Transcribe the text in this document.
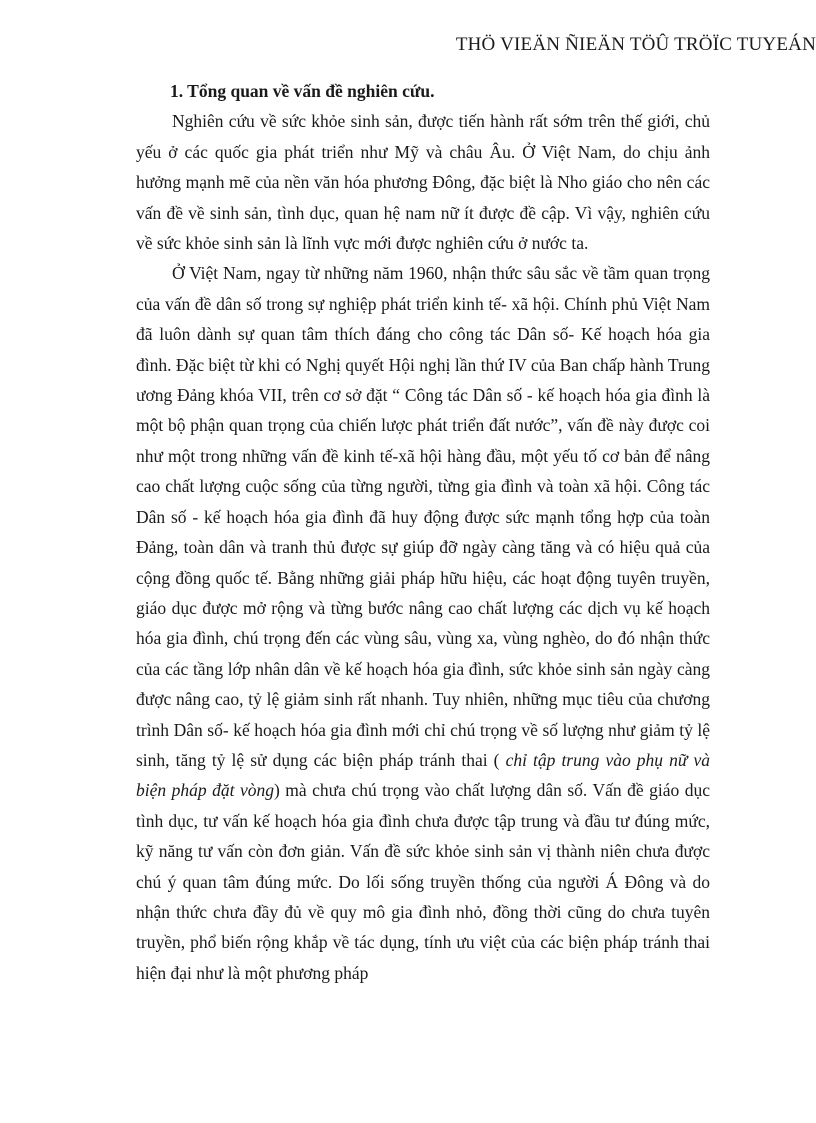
THÖ VIEÄN ÑIEÄN TÖÛ TRÖÏC TUYEÁN
1. Tổng quan về vấn đề nghiên cứu.

Nghiên cứu về sức khỏe sinh sản, được tiến hành rất sớm trên thế giới, chủ yếu ở các quốc gia phát triển như Mỹ và châu Âu. Ở Việt Nam, do chịu ảnh hưởng mạnh mẽ của nền văn hóa phương Đông, đặc biệt là Nho giáo cho nên các vấn đề về sinh sản, tình dục, quan hệ nam nữ ít được đề cập. Vì vậy, nghiên cứu về sức khỏe sinh sản là lĩnh vực mới được nghiên cứu ở nước ta.

Ở Việt Nam, ngay từ những năm 1960, nhận thức sâu sắc về tầm quan trọng của vấn đề dân số trong sự nghiệp phát triển kinh tế- xã hội. Chính phủ Việt Nam đã luôn dành sự quan tâm thích đáng cho công tác Dân số- Kế hoạch hóa gia đình. Đặc biệt từ khi có Nghị quyết Hội nghị lần thứ IV của Ban chấp hành Trung ương Đảng khóa VII, trên cơ sở đặt “ Công tác Dân số - kế hoạch hóa gia đình là một bộ phận quan trọng của chiến lược phát triển đất nước”, vấn đề này được coi như một trong những vấn đề kinh tế-xã hội hàng đầu, một yếu tố cơ bản để nâng cao chất lượng cuộc sống của từng người, từng gia đình và toàn xã hội. Công tác Dân số - kế hoạch hóa gia đình đã huy động được sức mạnh tổng hợp của toàn Đảng, toàn dân và tranh thủ được sự giúp đỡ ngày càng tăng và có hiệu quả của cộng đồng quốc tế. Bằng những giải pháp hữu hiệu, các hoạt động tuyên truyền, giáo dục được mở rộng và từng bước nâng cao chất lượng các dịch vụ kế hoạch hóa gia đình, chú trọng đến các vùng sâu, vùng xa, vùng nghèo, do đó nhận thức của các tầng lớp nhân dân về kế hoạch hóa gia đình, sức khỏe sinh sản ngày càng được nâng cao, tỷ lệ giảm sinh rất nhanh. Tuy nhiên, những mục tiêu của chương trình Dân số- kế hoạch hóa gia đình mới chỉ chú trọng về số lượng như giảm tỷ lệ sinh, tăng tỷ lệ sử dụng các biện pháp tránh thai ( chỉ tập trung vào phụ nữ và biện pháp đặt vòng) mà chưa chú trọng vào chất lượng dân số. Vấn đề giáo dục tình dục, tư vấn kế hoạch hóa gia đình chưa được tập trung và đầu tư đúng mức, kỹ năng tư vấn còn đơn giản. Vấn đề sức khỏe sinh sản vị thành niên chưa được chú ý quan tâm đúng mức. Do lối sống truyền thống của người Á Đông và do nhận thức chưa đầy đủ về quy mô gia đình nhỏ, đồng thời cũng do chưa tuyên truyền, phổ biến rộng khắp về tác dụng, tính ưu việt của các biện pháp tránh thai hiện đại như là một phương pháp
